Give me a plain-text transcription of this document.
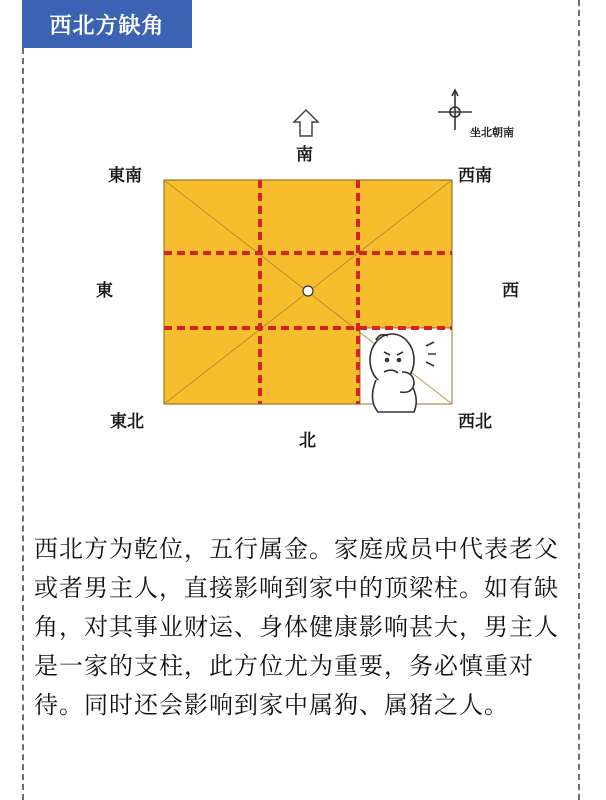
西北方缺角
南
東南	西南
東	西
東北	西北
北
坐北朝南
西北方为乾位，五行属金。家庭成员中代表老父或者男主人，直接影响到家中的顶梁柱。如有缺角，对其事业财运、身体健康影响甚大，男主人是一家的支柱，此方位尤为重要，务必慎重对待。同时还会影响到家中属狗、属猪之人。
